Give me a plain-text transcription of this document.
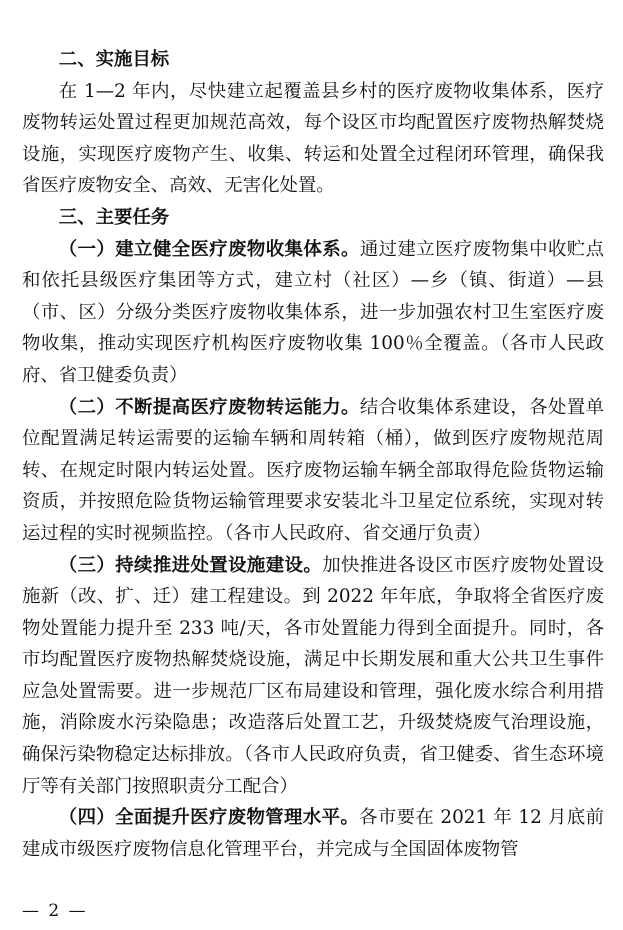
二、实施目标

在 1—2 年内，尽快建立起覆盖县乡村的医疗废物收集体系，医疗废物转运处置过程更加规范高效，每个设区市均配置医疗废物热解焚烧设施，实现医疗废物产生、收集、转运和处置全过程闭环管理，确保我省医疗废物安全、高效、无害化处置。

三、主要任务

（一）建立健全医疗废物收集体系。通过建立医疗废物集中收贮点和依托县级医疗集团等方式，建立村（社区）—乡（镇、街道）—县（市、区）分级分类医疗废物收集体系，进一步加强农村卫生室医疗废物收集，推动实现医疗机构医疗废物收集 100％全覆盖。（各市人民政府、省卫健委负责）

（二）不断提高医疗废物转运能力。结合收集体系建设，各处置单位配置满足转运需要的运输车辆和周转箱（桶），做到医疗废物规范周转、在规定时限内转运处置。医疗废物运输车辆全部取得危险货物运输资质，并按照危险货物运输管理要求安装北斗卫星定位系统，实现对转运过程的实时视频监控。（各市人民政府、省交通厅负责）

（三）持续推进处置设施建设。加快推进各设区市医疗废物处置设施新（改、扩、迁）建工程建设。到 2022 年年底，争取将全省医疗废物处置能力提升至 233 吨/天，各市处置能力得到全面提升。同时，各市均配置医疗废物热解焚烧设施，满足中长期发展和重大公共卫生事件应急处置需要。进一步规范厂区布局建设和管理，强化废水综合利用措施，消除废水污染隐患；改造落后处置工艺，升级焚烧废气治理设施，确保污染物稳定达标排放。（各市人民政府负责，省卫健委、省生态环境厅等有关部门按照职责分工配合）

（四）全面提升医疗废物管理水平。各市要在 2021 年 12 月底前建成市级医疗废物信息化管理平台，并完成与全国固体废物管

— 2 —
